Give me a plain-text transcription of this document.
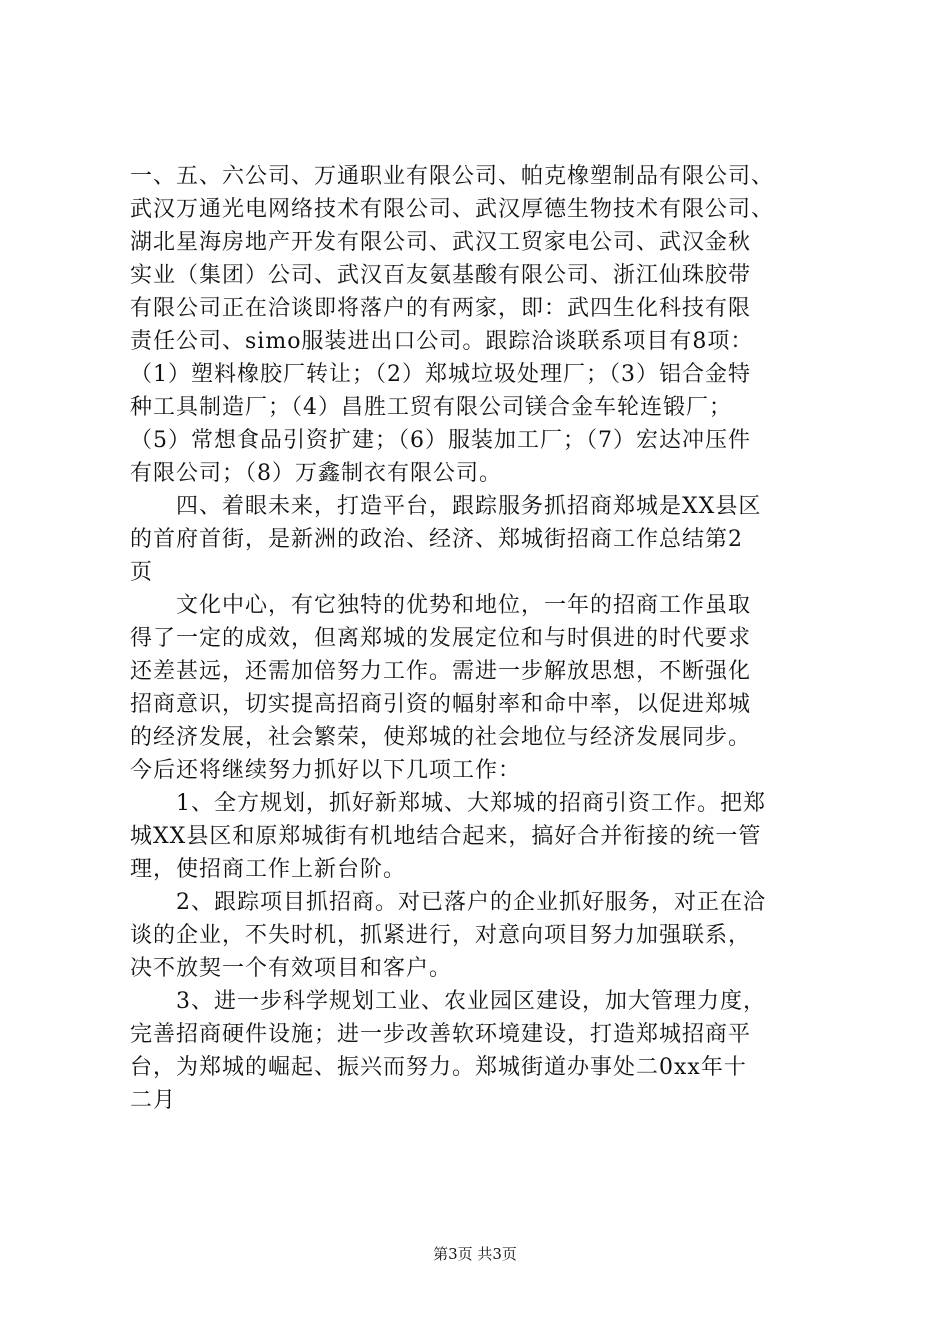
一、五、六公司、万通职业有限公司、帕克橡塑制品有限公司、
武汉万通光电网络技术有限公司、武汉厚德生物技术有限公司、
湖北星海房地产开发有限公司、武汉工贸家电公司、武汉金秋
实业（集团）公司、武汉百友氨基酸有限公司、浙江仙珠胶带
有限公司正在洽谈即将落户的有两家，即：武四生化科技有限
责任公司、simo服装进出口公司。跟踪洽谈联系项目有8项：
（1）塑料橡胶厂转让；（2）郑城垃圾处理厂；（3）铝合金特
种工具制造厂；（4）昌胜工贸有限公司镁合金车轮连锻厂；
（5）常想食品引资扩建；（6）服装加工厂；（7）宏达冲压件
有限公司；（8）万鑫制衣有限公司。
　　四、着眼未来，打造平台，跟踪服务抓招商郑城是XX县区
的首府首街，是新洲的政治、经济、郑城街招商工作总结第2
页
　　文化中心，有它独特的优势和地位，一年的招商工作虽取
得了一定的成效，但离郑城的发展定位和与时俱进的时代要求
还差甚远，还需加倍努力工作。需进一步解放思想，不断强化
招商意识，切实提高招商引资的幅射率和命中率，以促进郑城
的经济发展，社会繁荣，使郑城的社会地位与经济发展同步。
今后还将继续努力抓好以下几项工作：
　　1、全方规划，抓好新郑城、大郑城的招商引资工作。把郑
城XX县区和原郑城街有机地结合起来，搞好合并衔接的统一管
理，使招商工作上新台阶。
　　2、跟踪项目抓招商。对已落户的企业抓好服务，对正在洽
谈的企业，不失时机，抓紧进行，对意向项目努力加强联系，
决不放契一个有效项目和客户。
　　3、进一步科学规划工业、农业园区建设，加大管理力度，
完善招商硬件设施；进一步改善软环境建设，打造郑城招商平
台，为郑城的崛起、振兴而努力。郑城街道办事处二0xx年十
二月
第3页 共3页
